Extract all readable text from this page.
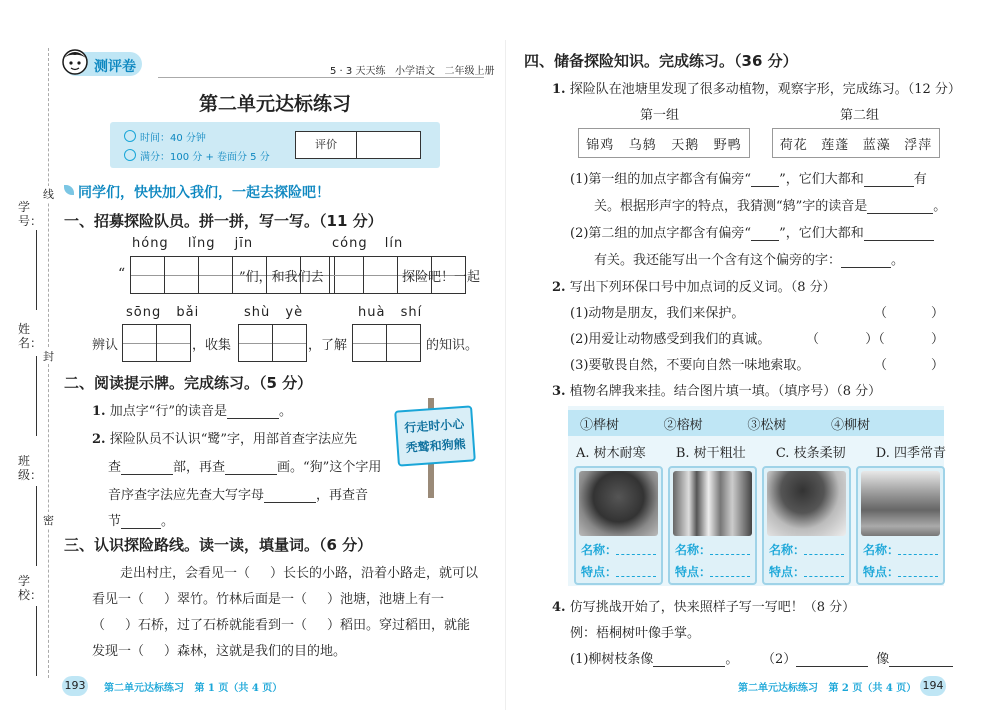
线
封
密
学号：
姓名：
班级：
学校：
测评卷	5 · 3 天天练   小学语文   二年级上册
第二单元达标练习
时间：40 分钟
满分：100 分 + 卷面分 5 分
评价
同学们，快快加入我们，一起去探险吧！
一、招募探险队员。拼一拼，写一写。（11 分）
hóng lǐng jīn	cóng lín
“	”们，和我们去	探险吧！一起
sōng bǎi	shù yè	huà shí
辨认	，收集	，了解	的知识。
二、阅读提示牌。完成练习。（5 分）
1. 加点字“行”的读音是	。
2. 探险队员不认识“鹭”字，用部首查字法应先
查	部，再查	画。“狗”这个字用
音序查字法应先查大写字母	，再查音
节	。
行走时小心
秃鹫和狗熊
三、认识探险路线。读一读，填量词。（6 分）
走出村庄，会看见一（ ）长长的小路，沿着小路走，就可以
看见一（ ）翠竹。竹林后面是一（ ）池塘，池塘上有一
（ ）石桥，过了石桥就能看到一（ ）稻田。穿过稻田，就能
发现一（ ）森林，这就是我们的目的地。
193 第二单元达标练习   第 1 页（共 4 页）
四、储备探险知识。完成练习。（36 分）
1. 探险队在池塘里发现了很多动植物，观察字形，完成练习。（12 分）
第一组	第二组
锦鸡 乌鸫 天鹅 野鸭	荷花 莲蓬 蓝藻 浮萍
(1)第一组的加点字都含有偏旁“ ”，它们大都和	有
关。根据形声字的特点，我猜测“鸫”字的读音是	。
(2)第二组的加点字都含有偏旁“ ”，它们大都和
有关。我还能写出一个含有这个偏旁的字：	。
2. 写出下列环保口号中加点词的反义词。（8 分）
(1)动物是朋友，我们来保护。	（	）
(2)用爱让动物感受到我们的真诚。	（	）（	）
(3)要敬畏自然，不要向自然一味地索取。	（	）
3. 植物名牌我来挂。结合图片填一填。（填序号）（8 分）
①桦树	②榕树	③松树	④柳树
A. 树木耐寒 B. 树干粗壮 C. 枝条柔韧 D. 四季常青
名称：
特点：
名称：
特点：
名称：
特点：
名称：
特点：
4. 仿写挑战开始了，快来照样子写一写吧！（8 分）
例：梧桐树叶像手掌。
(1)柳树枝条像	。 （2）	像
第二单元达标练习   第 2 页（共 4 页） 194
